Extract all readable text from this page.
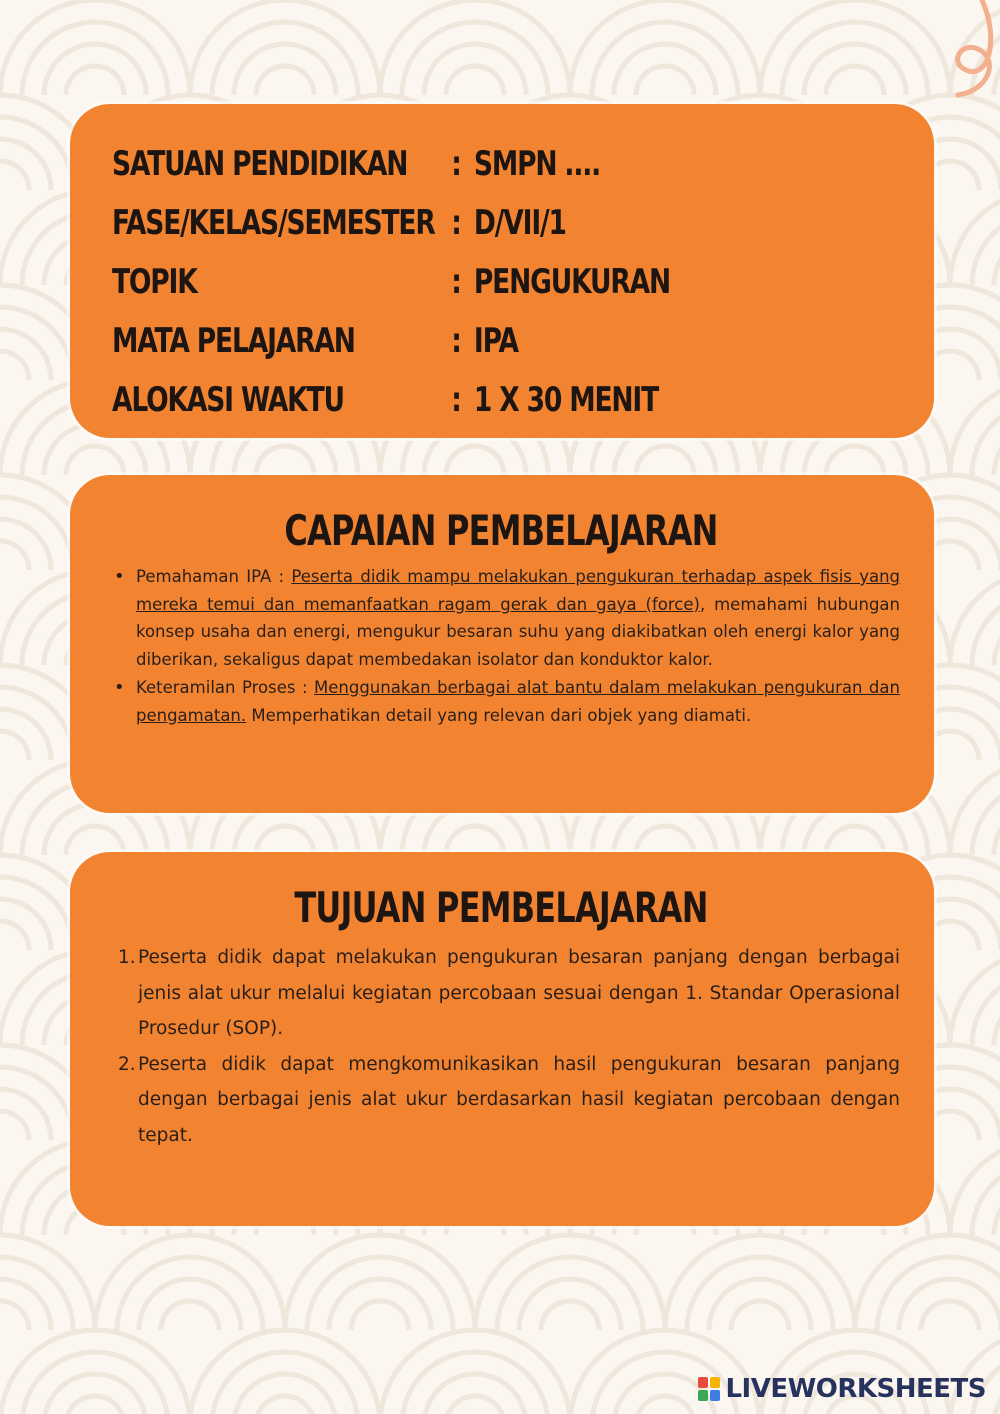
SATUAN PENDIDIKAN	: SMPN ....
FASE/KELAS/SEMESTER : D/VII/1
TOPIK	: PENGUKURAN
MATA PELAJARAN	: IPA
ALOKASI WAKTU	: 1 X 30 MENIT
CAPAIAN PEMBELAJARAN
• Pemahaman IPA : Peserta didik mampu melakukan pengukuran terhadap aspek fisis yang mereka temui dan memanfaatkan ragam gerak dan gaya (force), memahami hubungan konsep usaha dan energi, mengukur besaran suhu yang diakibatkan oleh energi kalor yang diberikan, sekaligus dapat membedakan isolator dan konduktor kalor.
• Keteramilan Proses : Menggunakan berbagai alat bantu dalam melakukan pengukuran dan pengamatan. Memperhatikan detail yang relevan dari objek yang diamati.
TUJUAN PEMBELAJARAN
1. Peserta didik dapat melakukan pengukuran besaran panjang dengan berbagai jenis alat ukur melalui kegiatan percobaan sesuai dengan 1. Standar Operasional Prosedur (SOP).
2. Peserta didik dapat mengkomunikasikan hasil pengukuran besaran panjang dengan berbagai jenis alat ukur berdasarkan hasil kegiatan percobaan dengan tepat.
LIVEWORKSHEETS
